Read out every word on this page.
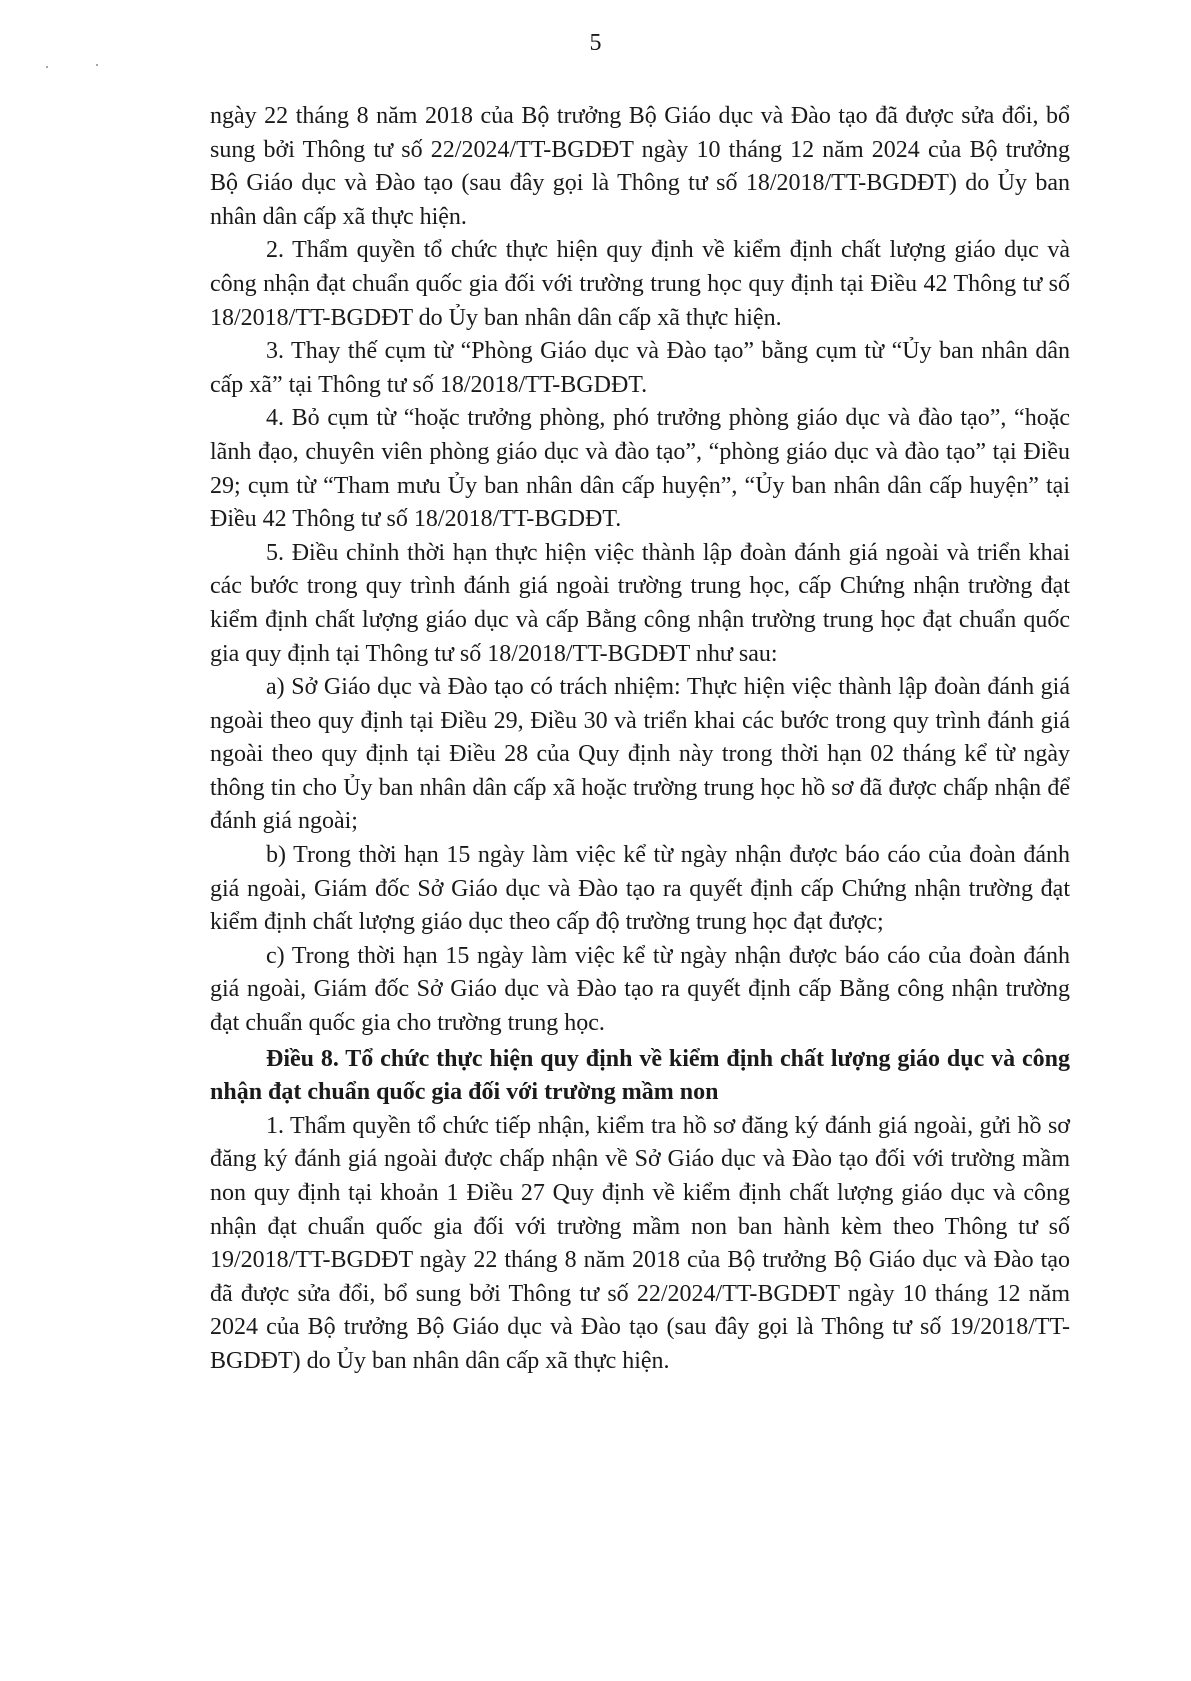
5

ngày 22 tháng 8 năm 2018 của Bộ trưởng Bộ Giáo dục và Đào tạo đã được sửa đổi, bổ sung bởi Thông tư số 22/2024/TT-BGDĐT ngày 10 tháng 12 năm 2024 của Bộ trưởng Bộ Giáo dục và Đào tạo (sau đây gọi là Thông tư số 18/2018/TT-BGDĐT) do Ủy ban nhân dân cấp xã thực hiện.

2. Thẩm quyền tổ chức thực hiện quy định về kiểm định chất lượng giáo dục và công nhận đạt chuẩn quốc gia đối với trường trung học quy định tại Điều 42 Thông tư số 18/2018/TT-BGDĐT do Ủy ban nhân dân cấp xã thực hiện.

3. Thay thế cụm từ “Phòng Giáo dục và Đào tạo” bằng cụm từ “Ủy ban nhân dân cấp xã” tại Thông tư số 18/2018/TT-BGDĐT.

4. Bỏ cụm từ “hoặc trưởng phòng, phó trưởng phòng giáo dục và đào tạo”, “hoặc lãnh đạo, chuyên viên phòng giáo dục và đào tạo”, “phòng giáo dục và đào tạo” tại Điều 29; cụm từ “Tham mưu Ủy ban nhân dân cấp huyện”, “Ủy ban nhân dân cấp huyện” tại Điều 42 Thông tư số 18/2018/TT-BGDĐT.

5. Điều chỉnh thời hạn thực hiện việc thành lập đoàn đánh giá ngoài và triển khai các bước trong quy trình đánh giá ngoài trường trung học, cấp Chứng nhận trường đạt kiểm định chất lượng giáo dục và cấp Bằng công nhận trường trung học đạt chuẩn quốc gia quy định tại Thông tư số 18/2018/TT-BGDĐT như sau:

a) Sở Giáo dục và Đào tạo có trách nhiệm: Thực hiện việc thành lập đoàn đánh giá ngoài theo quy định tại Điều 29, Điều 30 và triển khai các bước trong quy trình đánh giá ngoài theo quy định tại Điều 28 của Quy định này trong thời hạn 02 tháng kể từ ngày thông tin cho Ủy ban nhân dân cấp xã hoặc trường trung học hồ sơ đã được chấp nhận để đánh giá ngoài;

b) Trong thời hạn 15 ngày làm việc kể từ ngày nhận được báo cáo của đoàn đánh giá ngoài, Giám đốc Sở Giáo dục và Đào tạo ra quyết định cấp Chứng nhận trường đạt kiểm định chất lượng giáo dục theo cấp độ trường trung học đạt được;

c) Trong thời hạn 15 ngày làm việc kể từ ngày nhận được báo cáo của đoàn đánh giá ngoài, Giám đốc Sở Giáo dục và Đào tạo ra quyết định cấp Bằng công nhận trường đạt chuẩn quốc gia cho trường trung học.

Điều 8. Tổ chức thực hiện quy định về kiểm định chất lượng giáo dục và công nhận đạt chuẩn quốc gia đối với trường mầm non

1. Thẩm quyền tổ chức tiếp nhận, kiểm tra hồ sơ đăng ký đánh giá ngoài, gửi hồ sơ đăng ký đánh giá ngoài được chấp nhận về Sở Giáo dục và Đào tạo đối với trường mầm non quy định tại khoản 1 Điều 27 Quy định về kiểm định chất lượng giáo dục và công nhận đạt chuẩn quốc gia đối với trường mầm non ban hành kèm theo Thông tư số 19/2018/TT-BGDĐT ngày 22 tháng 8 năm 2018 của Bộ trưởng Bộ Giáo dục và Đào tạo đã được sửa đổi, bổ sung bởi Thông tư số 22/2024/TT-BGDĐT ngày 10 tháng 12 năm 2024 của Bộ trưởng Bộ Giáo dục và Đào tạo (sau đây gọi là Thông tư số 19/2018/TT-BGDĐT) do Ủy ban nhân dân cấp xã thực hiện.
